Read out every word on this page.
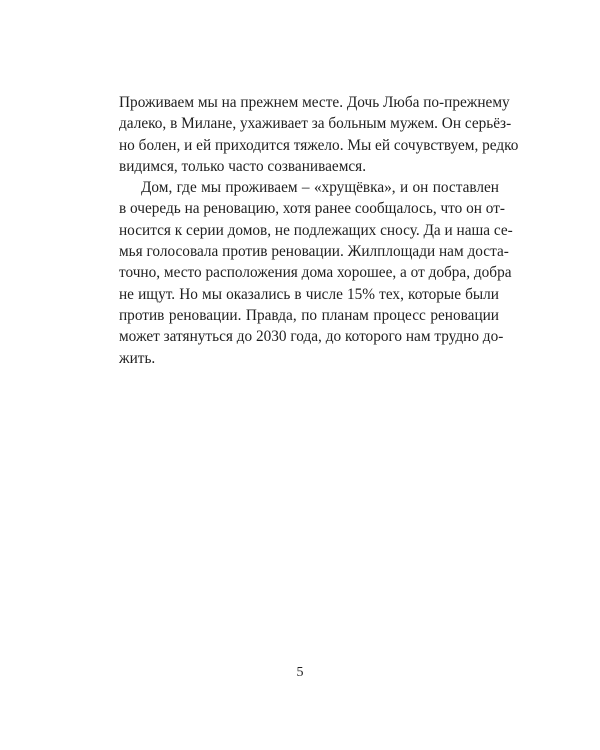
Проживаем мы на прежнем месте. Дочь Люба по-прежнему
далеко, в Милане, ухаживает за больным мужем. Он серьёз-
но болен, и ей приходится тяжело. Мы ей сочувствуем, редко
видимся, только часто созваниваемся.
Дом, где мы проживаем – «хрущёвка», и он поставлен
в очередь на реновацию, хотя ранее сообщалось, что он от-
носится к серии домов, не подлежащих сносу. Да и наша се-
мья голосовала против реновации. Жилплощади нам доста-
точно, место расположения дома хорошее, а от добра, добра
не ищут. Но мы оказались в числе 15% тех, которые были
против реновации. Правда, по планам процесс реновации
может затянуться до 2030 года, до которого нам трудно до-
жить.
5
